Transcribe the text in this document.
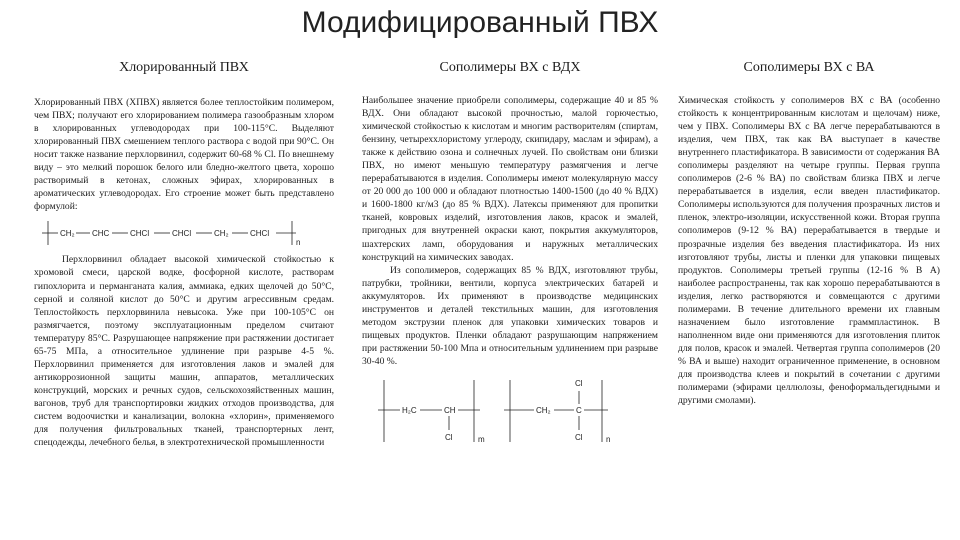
Модифицированный ПВХ
Хлорированный ПВХ

Хлорированный ПВХ (ХПВХ) является более теплостойким полимером, чем ПВХ; получают его хлорированием полимера газообразным хлором в хлорированных углеводородах при 100-115°С. Выделяют хлорированный ПВХ смешением теплого раствора с водой при 90°С. Он носит также название перхлорвинил, содержит 60-68 % Cl. По внешнему виду – это мелкий порошок белого или бледно-желтого цвета, хорошо растворимый в кетонах, сложных эфирах, хлорированных в ароматических углеводородах. Его строение может быть представлено формулой:

CH₂ CHC	CHCl	CHCl	CH₂	CHCl
n

Перхлорвинил обладает высокой химической стойкостью к хромовой смеси, царской водке, фосфорной кислоте, растворам гипохлорита и перманганата калия, аммиака, едких щелочей до 50°С, серной и соляной кислот до 50°С и другим агрессивным средам. Теплостойкость перхлорвинила невысока. Уже при 100-105°С он размягчается, поэтому эксплуатационным пределом считают температуру 85°С. Разрушающее напряжение при растяжении достигает 65-75 МПа, а относительное удлинение при разрыве 4-5 %. Перхлорвинил применяется для изготовления лаков и эмалей для антикоррозионной защиты машин, аппаратов, металлических конструкций, морских и речных судов, сельскохозяйственных машин, вагонов, труб для транспортировки жидких отходов производства, для систем водоочистки и канализации, волокна «хлорин», применяемого для получения фильтровальных тканей, транспортерных лент, спецодежды, лечебного белья, в электротехнической промышленности

Сополимеры ВХ с ВДХ

Наибольшее значение приобрели сополимеры, содержащие 40 и 85 % ВДХ. Они обладают высокой прочностью, малой горючестью, химической стойкостью к кислотам и многим растворителям (спиртам, бензину, четыреххлористому углероду, скипидару, маслам и эфирам), а также к действию озона и солнечных лучей. По свойствам они близки ПВХ, но имеют меньшую температуру размягчения и легче перерабатываются в изделия. Сополимеры имеют молекулярную массу от 20 000 до 100 000 и обладают плотностью 1400-1500 (до 40 % ВДХ) и 1600-1800 кг/м3 (до 85 % ВДХ). Латексы применяют для пропитки тканей, ковровых изделий, изготовления лаков, красок и эмалей, пригодных для внутренней окраски кают, покрытия аккумуляторов, шахтерских ламп, оборудования и наружных металлических конструкций на химических заводах.

Из сополимеров, содержащих 85 % ВДХ, изготовляют трубы, патрубки, тройники, вентили, корпуса электрических батарей и аккумуляторов. Их применяют в производстве медицинских инструментов и деталей текстильных машин, для изготовления методом экструзии пленок для упаковки химических товаров и пищевых продуктов. Пленки обладают разрушающим напряжением при растяжении 50-100 Мпа и относительным удлинением при разрыве 30-40 %.

H₂C	CH
Cl	m
CH₂	C
Cl
Cl	n
Сополимеры ВХ с ВА

Химическая стойкость у сополимеров ВХ с ВА (особенно стойкость к концентрированным кислотам и щелочам) ниже, чем у ПВХ. Сополимеры ВХ с ВА легче перерабатываются в изделия, чем ПВХ, так как ВА выступает в качестве внутреннего пластификатора. В зависимости от содержания ВА сополимеры разделяют на четыре группы. Первая группа сополимеров (2-6 % ВА) по свойствам близка ПВХ и легче перерабатывается в изделия, если введен пластификатор. Сополимеры используются для получения прозрачных листов и пленок, электро-изоляции, искусственной кожи. Вторая группа сополимеров (9-12 % ВА) перерабатывается в твердые и прозрачные изделия без введения пластификатора. Из них изготовляют трубы, листы и пленки для упаковки пищевых продуктов. Сополимеры третьей группы (12-16 % В А) наиболее распространены, так как хорошо перерабатываются в изделия, легко растворяются и совмещаются с другими полимерами. В течение длительного времени их главным назначением было изготовление граммпластинок. В наполненном виде они применяются для изготовления плиток для полов, красок и эмалей. Четвертая группа сополимеров (20 % ВА и выше) находит ограниченное применение, в основном для производства клеев и покрытий в сочетании с другими полимерами (эфирами целлюлозы, феноформальдегидными и другими смолами).
